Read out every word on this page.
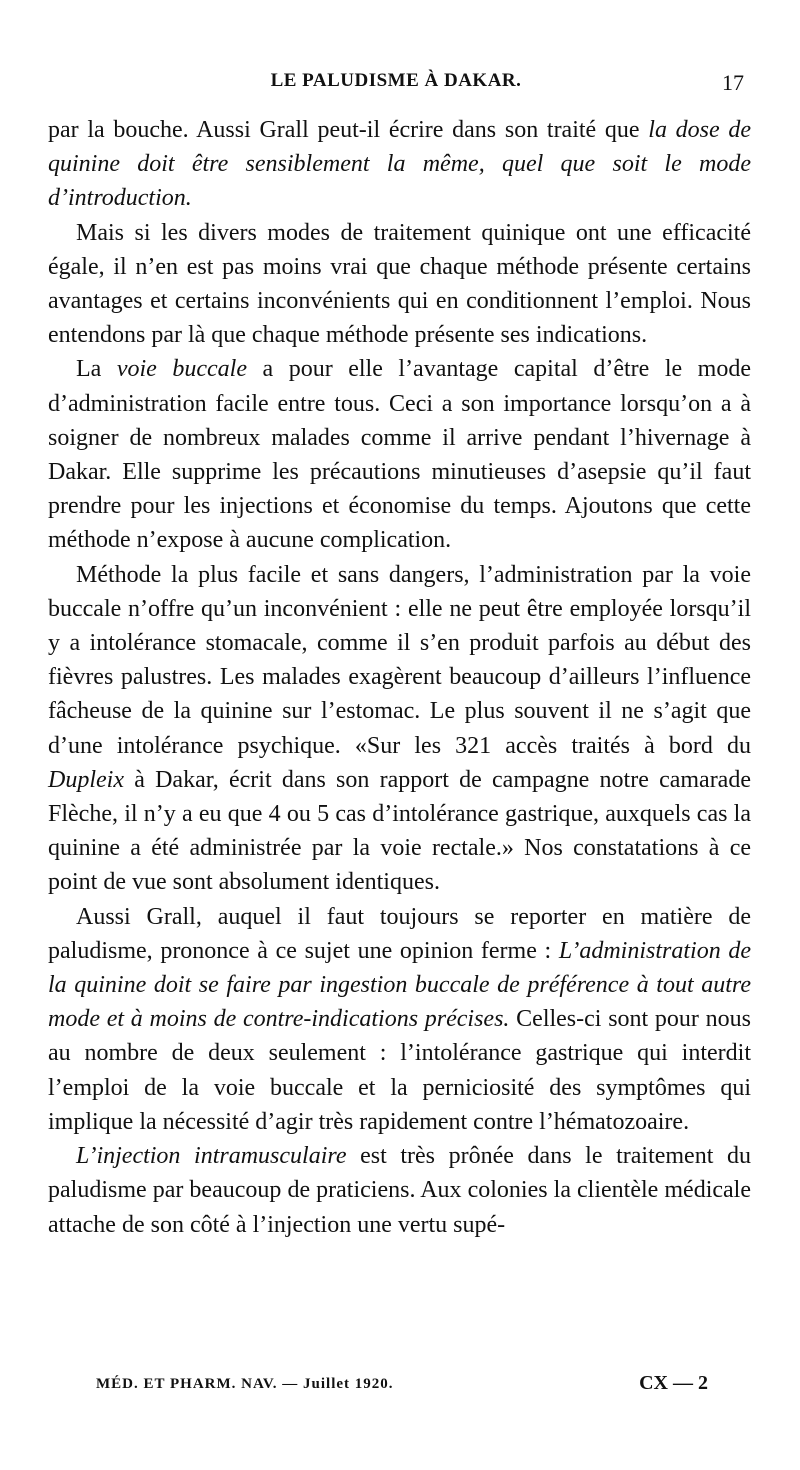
LE PALUDISME À DAKAR.	17

par la bouche. Aussi Grall peut-il écrire dans son traité que la dose de quinine doit être sensiblement la même, quel que soit le mode d’introduction.

Mais si les divers modes de traitement quinique ont une efficacité égale, il n’en est pas moins vrai que chaque méthode présente certains avantages et certains inconvénients qui en conditionnent l’emploi. Nous entendons par là que chaque méthode présente ses indications.

La voie buccale a pour elle l’avantage capital d’être le mode d’administration facile entre tous. Ceci a son importance lorsqu’on a à soigner de nombreux malades comme il arrive pendant l’hivernage à Dakar. Elle supprime les précautions minutieuses d’asepsie qu’il faut prendre pour les injections et économise du temps. Ajoutons que cette méthode n’expose à aucune complication.

Méthode la plus facile et sans dangers, l’administration par la voie buccale n’offre qu’un inconvénient : elle ne peut être employée lorsqu’il y a intolérance stomacale, comme il s’en produit parfois au début des fièvres palustres. Les malades exagèrent beaucoup d’ailleurs l’influence fâcheuse de la quinine sur l’estomac. Le plus souvent il ne s’agit que d’une intolérance psychique. «Sur les 321 accès traités à bord du Dupleix à Dakar, écrit dans son rapport de campagne notre camarade Flèche, il n’y a eu que 4 ou 5 cas d’intolérance gastrique, auxquels cas la quinine a été administrée par la voie rectale.» Nos constatations à ce point de vue sont absolument identiques.

Aussi Grall, auquel il faut toujours se reporter en matière de paludisme, prononce à ce sujet une opinion ferme : L’administration de la quinine doit se faire par ingestion buccale de préférence à tout autre mode et à moins de contre-indications précises. Celles-ci sont pour nous au nombre de deux seulement : l’intolérance gastrique qui interdit l’emploi de la voie buccale et la perniciosité des symptômes qui implique la nécessité d’agir très rapidement contre l’hématozoaire.

L’injection intramusculaire est très prônée dans le traitement du paludisme par beaucoup de praticiens. Aux colonies la clientèle médicale attache de son côté à l’injection une vertu supé-

MÉD. ET PHARM. NAV. — Juillet 1920.	CX — 2
